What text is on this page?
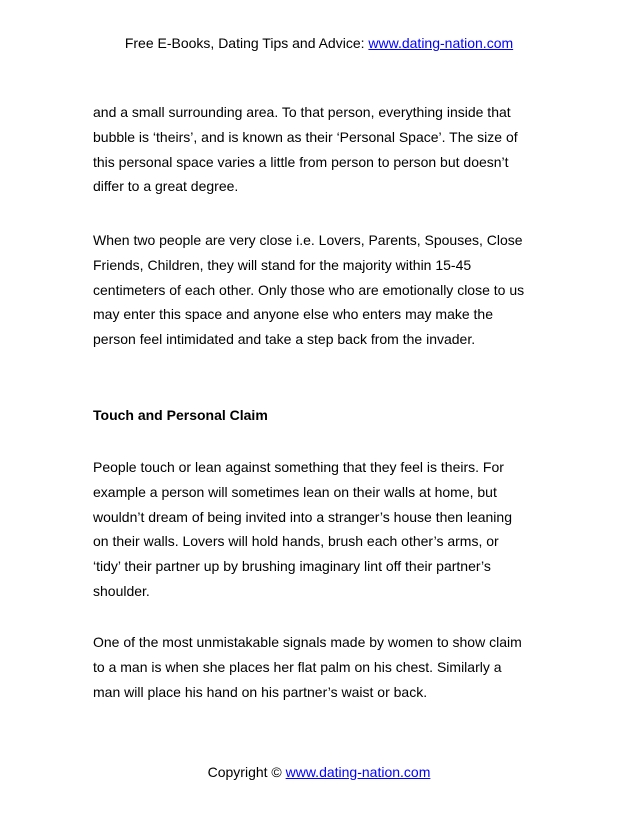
Free E-Books, Dating Tips and Advice: www.dating-nation.com
and a small surrounding area. To that person, everything inside that
bubble is ‘theirs’, and is known as their ‘Personal Space’. The size of
this personal space varies a little from person to person but doesn’t
differ to a great degree.
When two people are very close i.e. Lovers, Parents, Spouses, Close
Friends, Children, they will stand for the majority within 15-45
centimeters of each other. Only those who are emotionally close to us
may enter this space and anyone else who enters may make the
person feel intimidated and take a step back from the invader.
Touch and Personal Claim
People touch or lean against something that they feel is theirs. For
example a person will sometimes lean on their walls at home, but
wouldn’t dream of being invited into a stranger’s house then leaning
on their walls. Lovers will hold hands, brush each other’s arms, or
‘tidy’ their partner up by brushing imaginary lint off their partner’s
shoulder.
One of the most unmistakable signals made by women to show claim
to a man is when she places her flat palm on his chest. Similarly a
man will place his hand on his partner’s waist or back.
Copyright © www.dating-nation.com
